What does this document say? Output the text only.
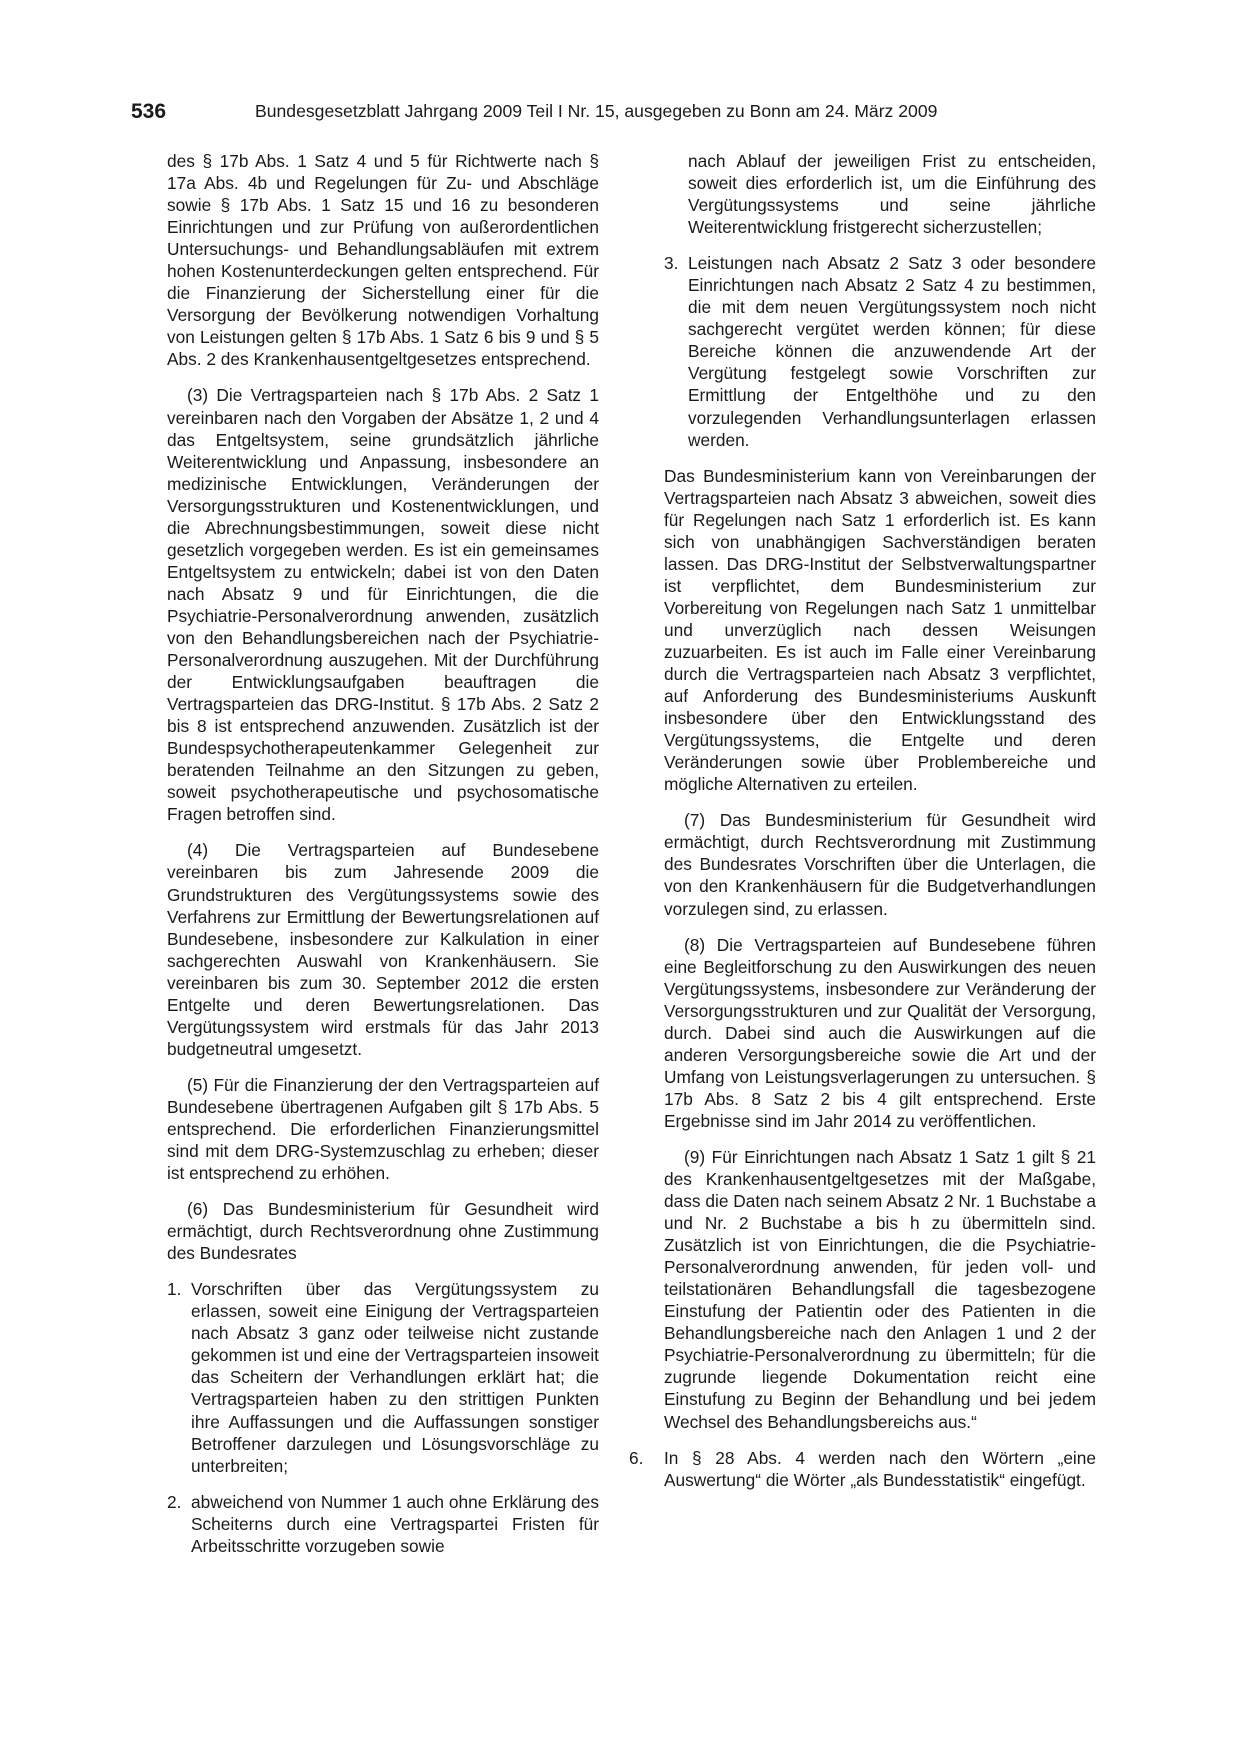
536	Bundesgesetzblatt Jahrgang 2009 Teil I Nr. 15, ausgegeben zu Bonn am 24. März 2009

des § 17b Abs. 1 Satz 4 und 5 für Richtwerte nach § 17a Abs. 4b und Regelungen für Zu- und Abschläge sowie § 17b Abs. 1 Satz 15 und 16 zu besonderen Einrichtungen und zur Prüfung von außerordentlichen Untersuchungs- und Behandlungsabläufen mit extrem hohen Kostenunterdeckungen gelten entsprechend. Für die Finanzierung der Sicherstellung einer für die Versorgung der Bevölkerung notwendigen Vorhaltung von Leistungen gelten § 17b Abs. 1 Satz 6 bis 9 und § 5 Abs. 2 des Krankenhausentgeltgesetzes entsprechend.

(3) Die Vertragsparteien nach § 17b Abs. 2 Satz 1 vereinbaren nach den Vorgaben der Absätze 1, 2 und 4 das Entgeltsystem, seine grundsätzlich jährliche Weiterentwicklung und Anpassung, insbesondere an medizinische Entwicklungen, Veränderungen der Versorgungsstrukturen und Kostenentwicklungen, und die Abrechnungsbestimmungen, soweit diese nicht gesetzlich vorgegeben werden. Es ist ein gemeinsames Entgeltsystem zu entwickeln; dabei ist von den Daten nach Absatz 9 und für Einrichtungen, die die Psychiatrie-Personalverordnung anwenden, zusätzlich von den Behandlungsbereichen nach der Psychiatrie-Personalverordnung auszugehen. Mit der Durchführung der Entwicklungsaufgaben beauftragen die Vertragsparteien das DRG-Institut. § 17b Abs. 2 Satz 2 bis 8 ist entsprechend anzuwenden. Zusätzlich ist der Bundespsychotherapeutenkammer Gelegenheit zur beratenden Teilnahme an den Sitzungen zu geben, soweit psychotherapeutische und psychosomatische Fragen betroffen sind.

(4) Die Vertragsparteien auf Bundesebene vereinbaren bis zum Jahresende 2009 die Grundstrukturen des Vergütungssystems sowie des Verfahrens zur Ermittlung der Bewertungsrelationen auf Bundesebene, insbesondere zur Kalkulation in einer sachgerechten Auswahl von Krankenhäusern. Sie vereinbaren bis zum 30. September 2012 die ersten Entgelte und deren Bewertungsrelationen. Das Vergütungssystem wird erstmals für das Jahr 2013 budgetneutral umgesetzt.

(5) Für die Finanzierung der den Vertragsparteien auf Bundesebene übertragenen Aufgaben gilt § 17b Abs. 5 entsprechend. Die erforderlichen Finanzierungsmittel sind mit dem DRG-Systemzuschlag zu erheben; dieser ist entsprechend zu erhöhen.

(6) Das Bundesministerium für Gesundheit wird ermächtigt, durch Rechtsverordnung ohne Zustimmung des Bundesrates

1. Vorschriften über das Vergütungssystem zu erlassen, soweit eine Einigung der Vertragsparteien nach Absatz 3 ganz oder teilweise nicht zustande gekommen ist und eine der Vertragsparteien insoweit das Scheitern der Verhandlungen erklärt hat; die Vertragsparteien haben zu den strittigen Punkten ihre Auffassungen und die Auffassungen sonstiger Betroffener darzulegen und Lösungsvorschläge zu unterbreiten;
2. abweichend von Nummer 1 auch ohne Erklärung des Scheiterns durch eine Vertragspartei Fristen für Arbeitsschritte vorzugeben sowie
nach Ablauf der jeweiligen Frist zu entscheiden, soweit dies erforderlich ist, um die Einführung des Vergütungssystems und seine jährliche Weiterentwicklung fristgerecht sicherzustellen;
3. Leistungen nach Absatz 2 Satz 3 oder besondere Einrichtungen nach Absatz 2 Satz 4 zu bestimmen, die mit dem neuen Vergütungssystem noch nicht sachgerecht vergütet werden können; für diese Bereiche können die anzuwendende Art der Vergütung festgelegt sowie Vorschriften zur Ermittlung der Entgelthöhe und zu den vorzulegenden Verhandlungsunterlagen erlassen werden.

Das Bundesministerium kann von Vereinbarungen der Vertragsparteien nach Absatz 3 abweichen, soweit dies für Regelungen nach Satz 1 erforderlich ist. Es kann sich von unabhängigen Sachverständigen beraten lassen. Das DRG-Institut der Selbstverwaltungspartner ist verpflichtet, dem Bundesministerium zur Vorbereitung von Regelungen nach Satz 1 unmittelbar und unverzüglich nach dessen Weisungen zuzuarbeiten. Es ist auch im Falle einer Vereinbarung durch die Vertragsparteien nach Absatz 3 verpflichtet, auf Anforderung des Bundesministeriums Auskunft insbesondere über den Entwicklungsstand des Vergütungssystems, die Entgelte und deren Veränderungen sowie über Problembereiche und mögliche Alternativen zu erteilen.

(7) Das Bundesministerium für Gesundheit wird ermächtigt, durch Rechtsverordnung mit Zustimmung des Bundesrates Vorschriften über die Unterlagen, die von den Krankenhäusern für die Budgetverhandlungen vorzulegen sind, zu erlassen.

(8) Die Vertragsparteien auf Bundesebene führen eine Begleitforschung zu den Auswirkungen des neuen Vergütungssystems, insbesondere zur Veränderung der Versorgungsstrukturen und zur Qualität der Versorgung, durch. Dabei sind auch die Auswirkungen auf die anderen Versorgungsbereiche sowie die Art und der Umfang von Leistungsverlagerungen zu untersuchen. § 17b Abs. 8 Satz 2 bis 4 gilt entsprechend. Erste Ergebnisse sind im Jahr 2014 zu veröffentlichen.

(9) Für Einrichtungen nach Absatz 1 Satz 1 gilt § 21 des Krankenhausentgeltgesetzes mit der Maßgabe, dass die Daten nach seinem Absatz 2 Nr. 1 Buchstabe a und Nr. 2 Buchstabe a bis h zu übermitteln sind. Zusätzlich ist von Einrichtungen, die die Psychiatrie-Personalverordnung anwenden, für jeden voll- und teilstationären Behandlungsfall die tagesbezogene Einstufung der Patientin oder des Patienten in die Behandlungsbereiche nach den Anlagen 1 und 2 der Psychiatrie-Personalverordnung zu übermitteln; für die zugrunde liegende Dokumentation reicht eine Einstufung zu Beginn der Behandlung und bei jedem Wechsel des Behandlungsbereichs aus.“

6. In § 28 Abs. 4 werden nach den Wörtern „eine Auswertung“ die Wörter „als Bundesstatistik“ eingefügt.
